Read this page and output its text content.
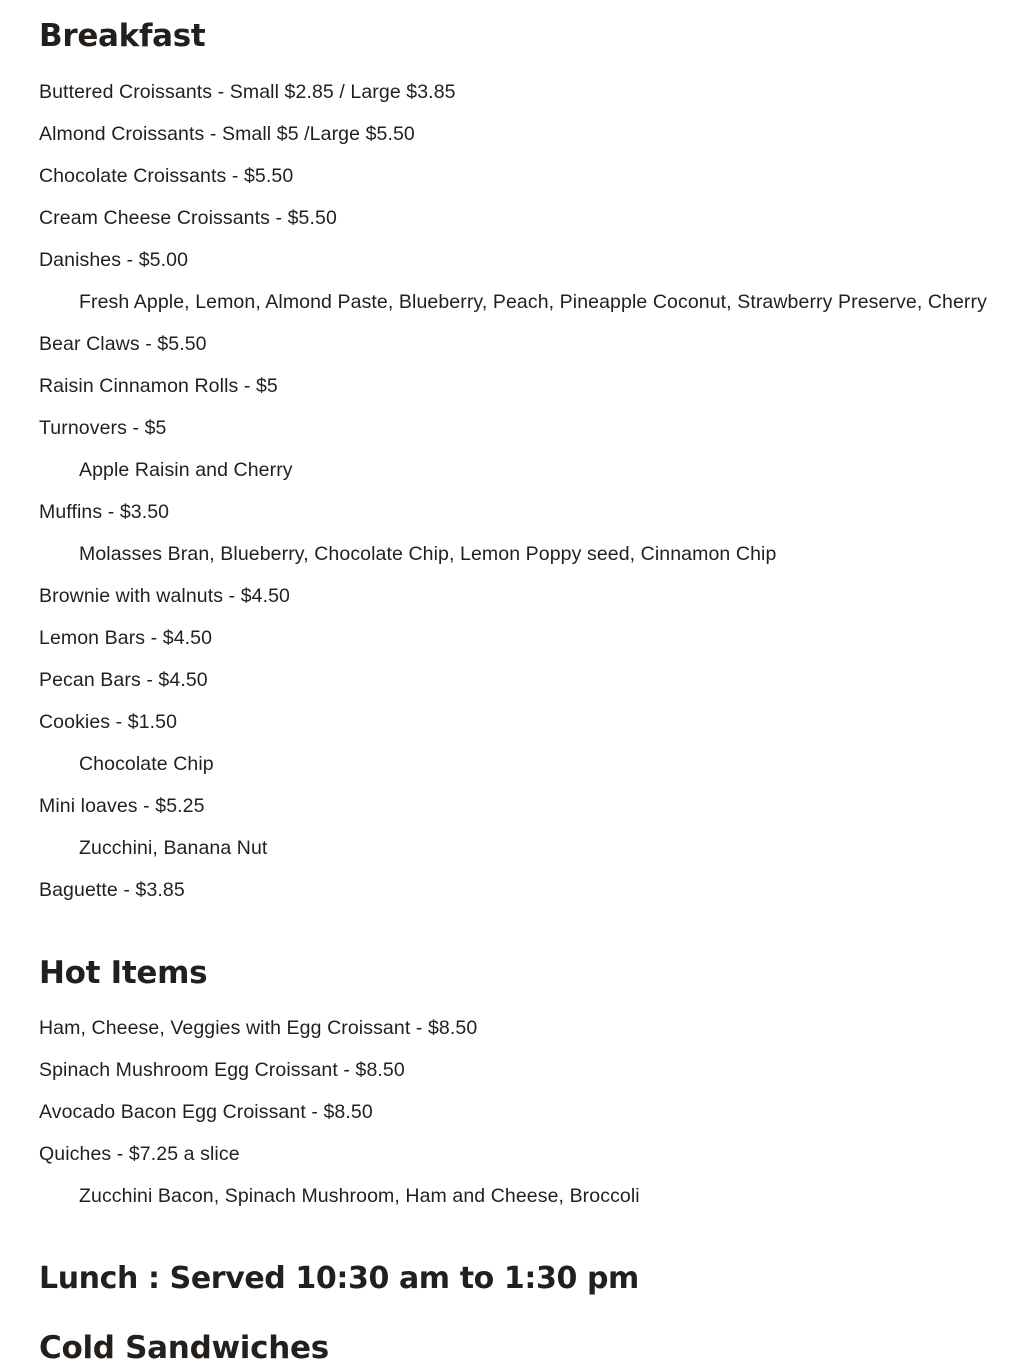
Breakfast

Buttered Croissants - Small $2.85 / Large $3.85

Almond Croissants - Small $5 /Large $5.50

Chocolate Croissants - $5.50

Cream Cheese Croissants - $5.50

Danishes - $5.00

Fresh Apple, Lemon, Almond Paste, Blueberry, Peach, Pineapple Coconut, Strawberry Preserve, Cherry

Bear Claws - $5.50

Raisin Cinnamon Rolls - $5

Turnovers - $5

Apple Raisin and Cherry

Muffins - $3.50

Molasses Bran, Blueberry, Chocolate Chip, Lemon Poppy seed, Cinnamon Chip

Brownie with walnuts - $4.50

Lemon Bars - $4.50

Pecan Bars - $4.50

Cookies - $1.50

Chocolate Chip

Mini loaves - $5.25

Zucchini, Banana Nut

Baguette - $3.85

Hot Items

Ham, Cheese, Veggies with Egg Croissant - $8.50

Spinach Mushroom Egg Croissant - $8.50

Avocado Bacon Egg Croissant - $8.50

Quiches - $7.25 a slice

Zucchini Bacon, Spinach Mushroom, Ham and Cheese, Broccoli

Lunch : Served 10:30 am to 1:30 pm
Cold Sandwiches
